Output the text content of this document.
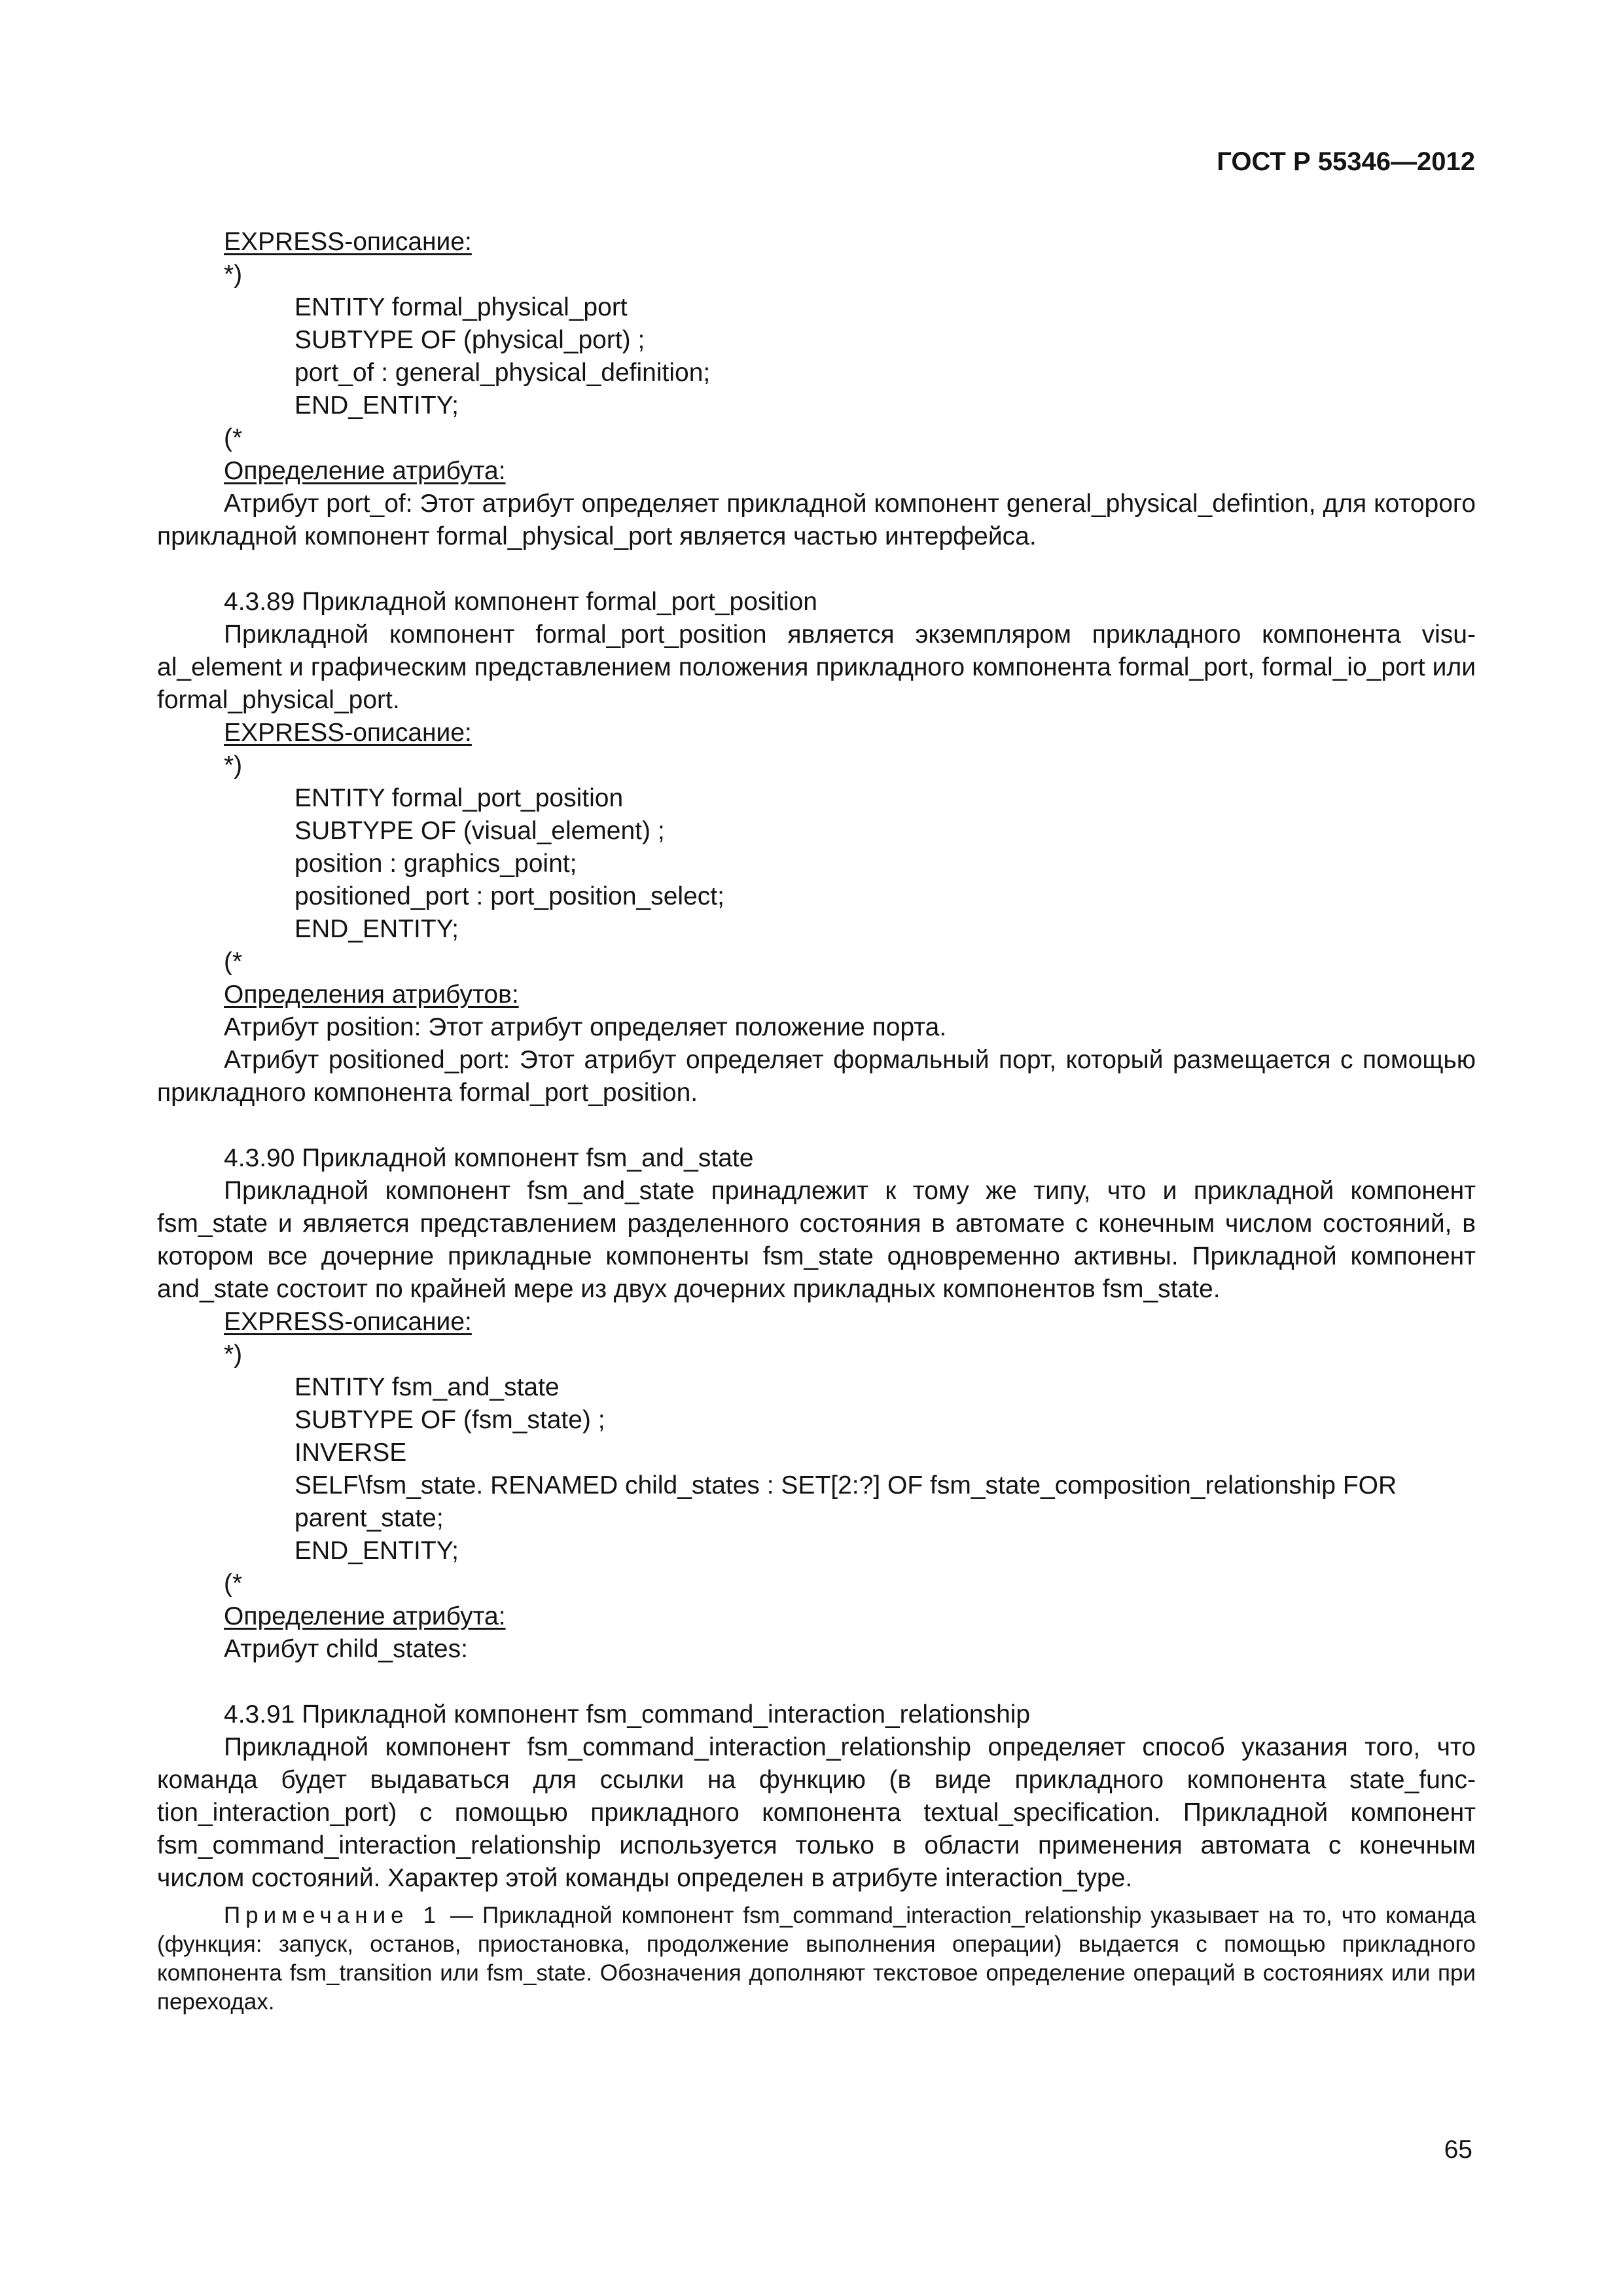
ГОСТ Р 55346—2012

EXPRESS-описание:

*)

ENTITY formal_physical_port

SUBTYPE OF (physical_port) ;

port_of : general_physical_definition;

END_ENTITY;

(*

Определение атрибута:

Атрибут port_of: Этот атрибут определяет прикладной компонент general_physical_defintion, для которого прикладной компонент formal_physical_port является частью интерфейса.

4.3.89 Прикладной компонент formal_port_position

Прикладной компонент formal_port_position является экземпляром прикладного компонента visual_element и графическим представлением положения прикладного компонента formal_port, formal_io_port или formal_physical_port.

EXPRESS-описание:

*)

ENTITY formal_port_position

SUBTYPE OF (visual_element) ;

position : graphics_point;

positioned_port : port_position_select;

END_ENTITY;

(*

Определения атрибутов:

Атрибут position: Этот атрибут определяет положение порта.

Атрибут positioned_port: Этот атрибут определяет формальный порт, который размещается с помощью прикладного компонента formal_port_position.

4.3.90 Прикладной компонент fsm_and_state

Прикладной компонент fsm_and_state принадлежит к тому же типу, что и прикладной компонент fsm_state и является представлением разделенного состояния в автомате с конечным числом состояний, в котором все дочерние прикладные компоненты fsm_state одновременно активны. Прикладной компонент and_state состоит по крайней мере из двух дочерних прикладных компонентов fsm_state.

EXPRESS-описание:

*)

ENTITY fsm_and_state

SUBTYPE OF (fsm_state) ;

INVERSE

SELF\fsm_state. RENAMED child_states : SET[2:?] OF fsm_state_composition_relationship FOR parent_state;

END_ENTITY;

(*

Определение атрибута:

Атрибут child_states:

4.3.91 Прикладной компонент fsm_command_interaction_relationship

Прикладной компонент fsm_command_interaction_relationship определяет способ указания того, что команда будет выдаваться для ссылки на функцию (в виде прикладного компонента state_function_interaction_port) с помощью прикладного компонента textual_specification. Прикладной компонент fsm_command_interaction_relationship используется только в области применения автомата с конечным числом состояний. Характер этой команды определен в атрибуте interaction_type.

Примечание 1 — Прикладной компонент fsm_command_interaction_relationship указывает на то, что команда (функция: запуск, останов, приостановка, продолжение выполнения операции) выдается с помощью прикладного компонента fsm_transition или fsm_state. Обозначения дополняют текстовое определение операций в состояниях или при переходах.

65
